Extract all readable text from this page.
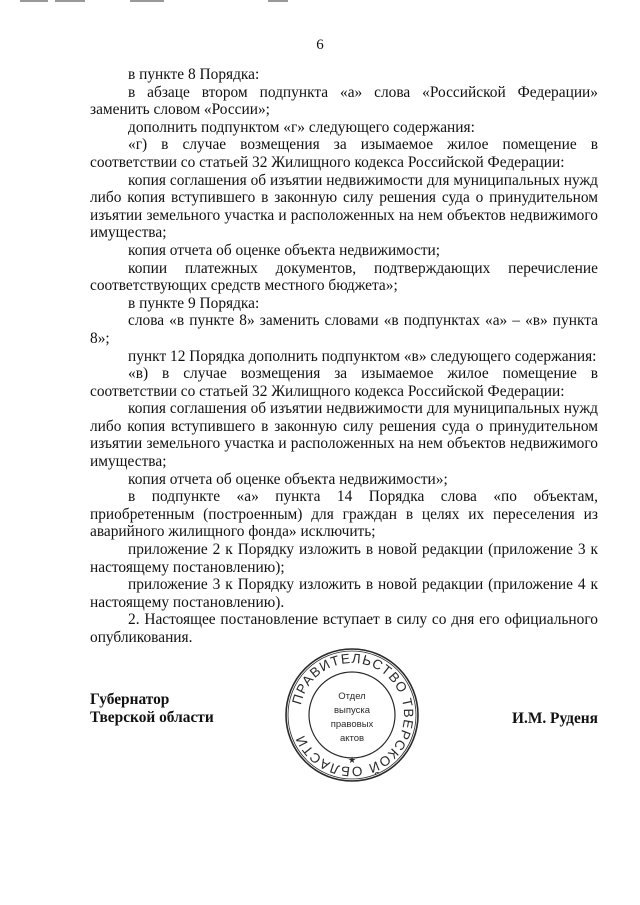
6

в пункте 8 Порядка:

в абзаце втором подпункта «а» слова «Российской Федерации» заменить словом «России»;

дополнить подпунктом «г» следующего содержания:

«г) в случае возмещения за изымаемое жилое помещение в соответствии со статьей 32 Жилищного кодекса Российской Федерации:

копия соглашения об изъятии недвижимости для муниципальных нужд либо копия вступившего в законную силу решения суда о принудительном изъятии земельного участка и расположенных на нем объектов недвижимого имущества;

копия отчета об оценке объекта недвижимости;

копии платежных документов, подтверждающих перечисление соответствующих средств местного бюджета»;

в пункте 9 Порядка:

слова «в пункте 8» заменить словами «в подпунктах «а» – «в» пункта 8»;

пункт 12 Порядка дополнить подпунктом «в» следующего содержания:

«в) в случае возмещения за изымаемое жилое помещение в соответствии со статьей 32 Жилищного кодекса Российской Федерации:

копия соглашения об изъятии недвижимости для муниципальных нужд либо копия вступившего в законную силу решения суда о принудительном изъятии земельного участка и расположенных на нем объектов недвижимого имущества;

копия отчета об оценке объекта недвижимости»;

в подпункте «а» пункта 14 Порядка слова «по объектам, приобретенным (построенным) для граждан в целях их переселения из аварийного жилищного фонда» исключить;

приложение 2 к Порядку изложить в новой редакции (приложение 3 к настоящему постановлению);

приложение 3 к Порядку изложить в новой редакции (приложение 4 к настоящему постановлению).

2. Настоящее постановление вступает в силу со дня его официального опубликования.

Губернатор
Тверской области	И.М. Руденя
ПРАВИТЕЛЬСТВО ТВЕРСКОЙ ОБЛАСТИ
★
Отдел
выпуска
правовых
актов
